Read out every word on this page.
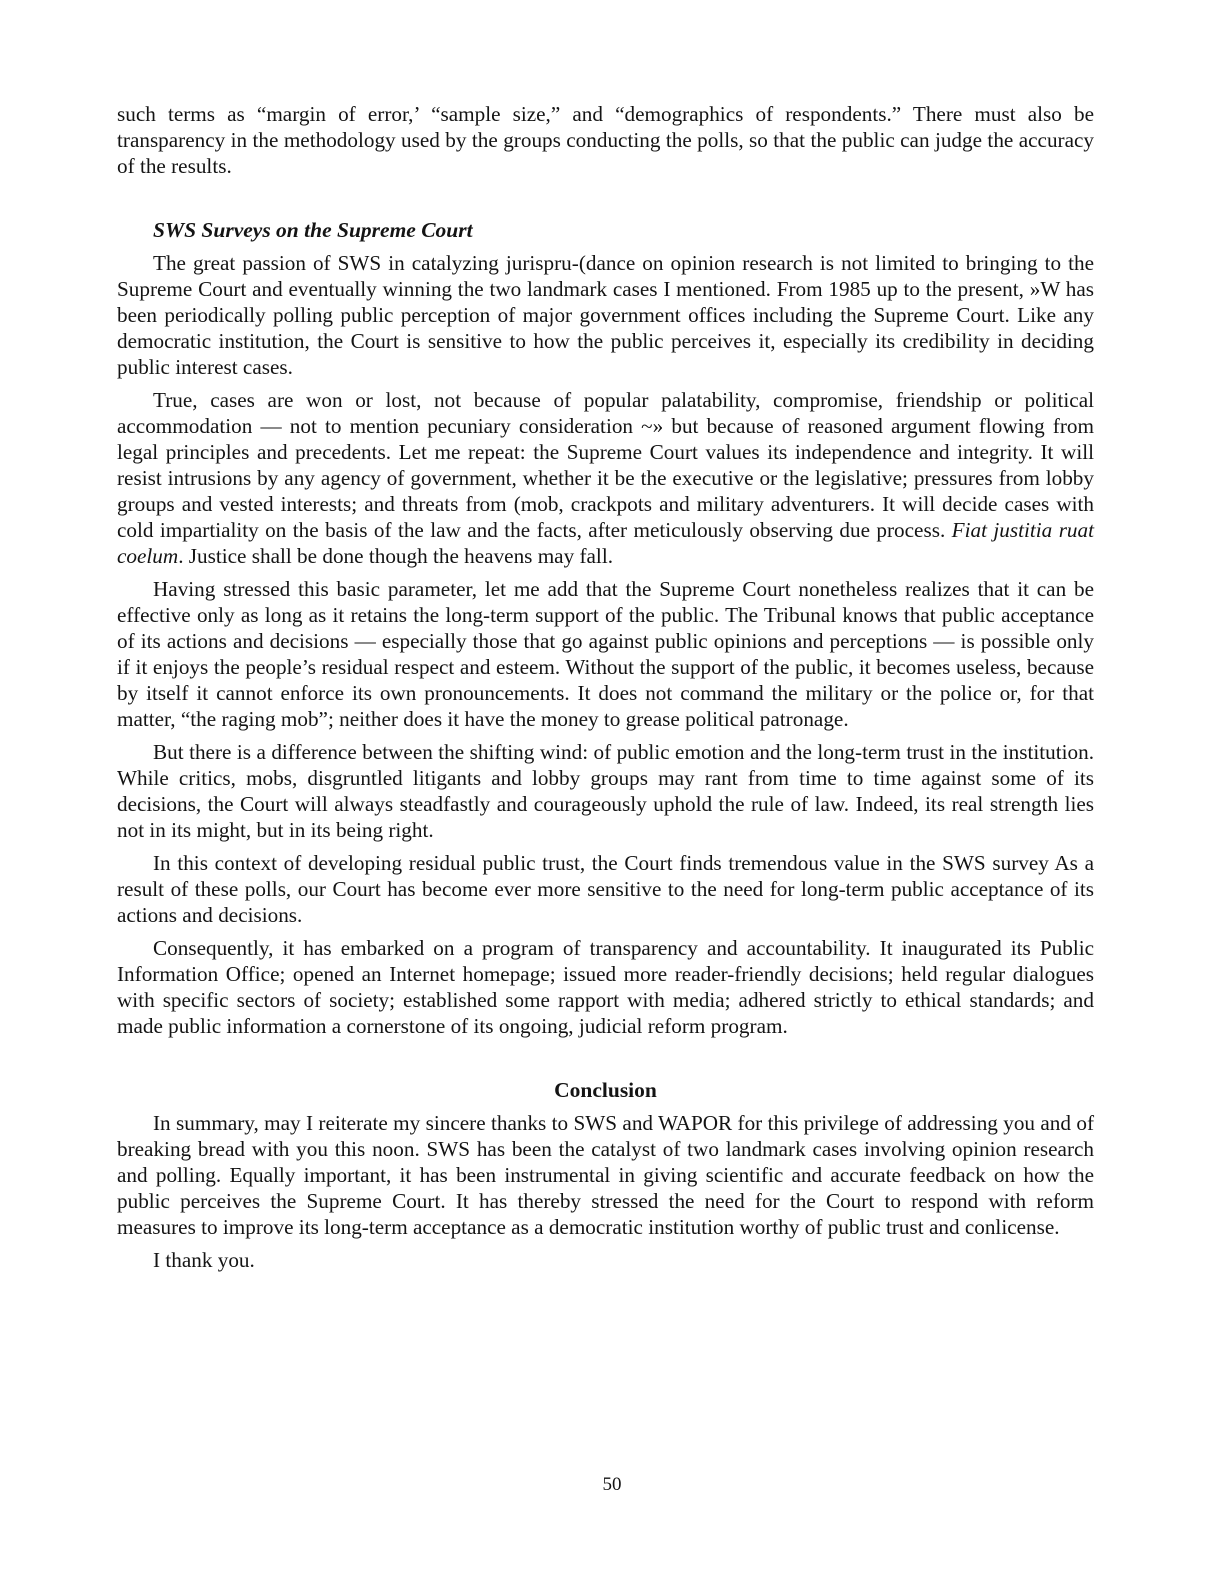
such terms as “margin of error,’ “sample size,” and “demographics of respondents.” There must also be transparency in the methodology used by the groups conducting the polls, so that the public can judge the accuracy of the results.

SWS Surveys on the Supreme Court

The great passion of SWS in catalyzing jurispru-(dance on opinion research is not limited to bringing to the Supreme Court and eventually winning the two landmark cases I mentioned. From 1985 up to the present, »W has been periodically polling public perception of major government offices including the Supreme Court. Like any democratic institution, the Court is sensitive to how the public perceives it, especially its credibility in deciding public interest cases.

True, cases are won or lost, not because of popular palatability, compromise, friendship or political accommodation — not to mention pecuniary consideration ~» but because of reasoned argument flowing from legal principles and precedents. Let me repeat: the Supreme Court values its independence and integrity. It will resist intrusions by any agency of government, whether it be the executive or the legislative; pressures from lobby groups and vested interests; and threats from (mob, crackpots and military adventurers. It will decide cases with cold impartiality on the basis of the law and the facts, after meticulously observing due process. Fiat justitia ruat coelum. Justice shall be done though the heavens may fall.

Having stressed this basic parameter, let me add that the Supreme Court nonetheless realizes that it can be effective only as long as it retains the long-term support of the public. The Tribunal knows that public acceptance of its actions and decisions — especially those that go against public opinions and perceptions — is possible only if it enjoys the people’s residual respect and esteem. Without the support of the public, it becomes useless, because by itself it cannot enforce its own pronouncements. It does not command the military or the police or, for that matter, “the raging mob”; neither does it have the money to grease political patronage.

But there is a difference between the shifting wind: of public emotion and the long-term trust in the institution. While critics, mobs, disgruntled litigants and lobby groups may rant from time to time against some of its decisions, the Court will always steadfastly and courageously uphold the rule of law. Indeed, its real strength lies not in its might, but in its being right.

In this context of developing residual public trust, the Court finds tremendous value in the SWS survey As a result of these polls, our Court has become ever more sensitive to the need for long-term public acceptance of its actions and decisions.

Consequently, it has embarked on a program of transparency and accountability. It inaugurated its Public Information Office; opened an Internet homepage; issued more reader-friendly decisions; held regular dialogues with specific sectors of society; established some rapport with media; adhered strictly to ethical standards; and made public information a cornerstone of its ongoing, judicial reform program.

Conclusion

In summary, may I reiterate my sincere thanks to SWS and WAPOR for this privilege of addressing you and of breaking bread with you this noon. SWS has been the catalyst of two landmark cases involving opinion research and polling. Equally important, it has been instrumental in giving scientific and accurate feedback on how the public perceives the Supreme Court. It has thereby stressed the need for the Court to respond with reform measures to improve its long-term acceptance as a democratic institution worthy of public trust and conlicense.

I thank you.

50
